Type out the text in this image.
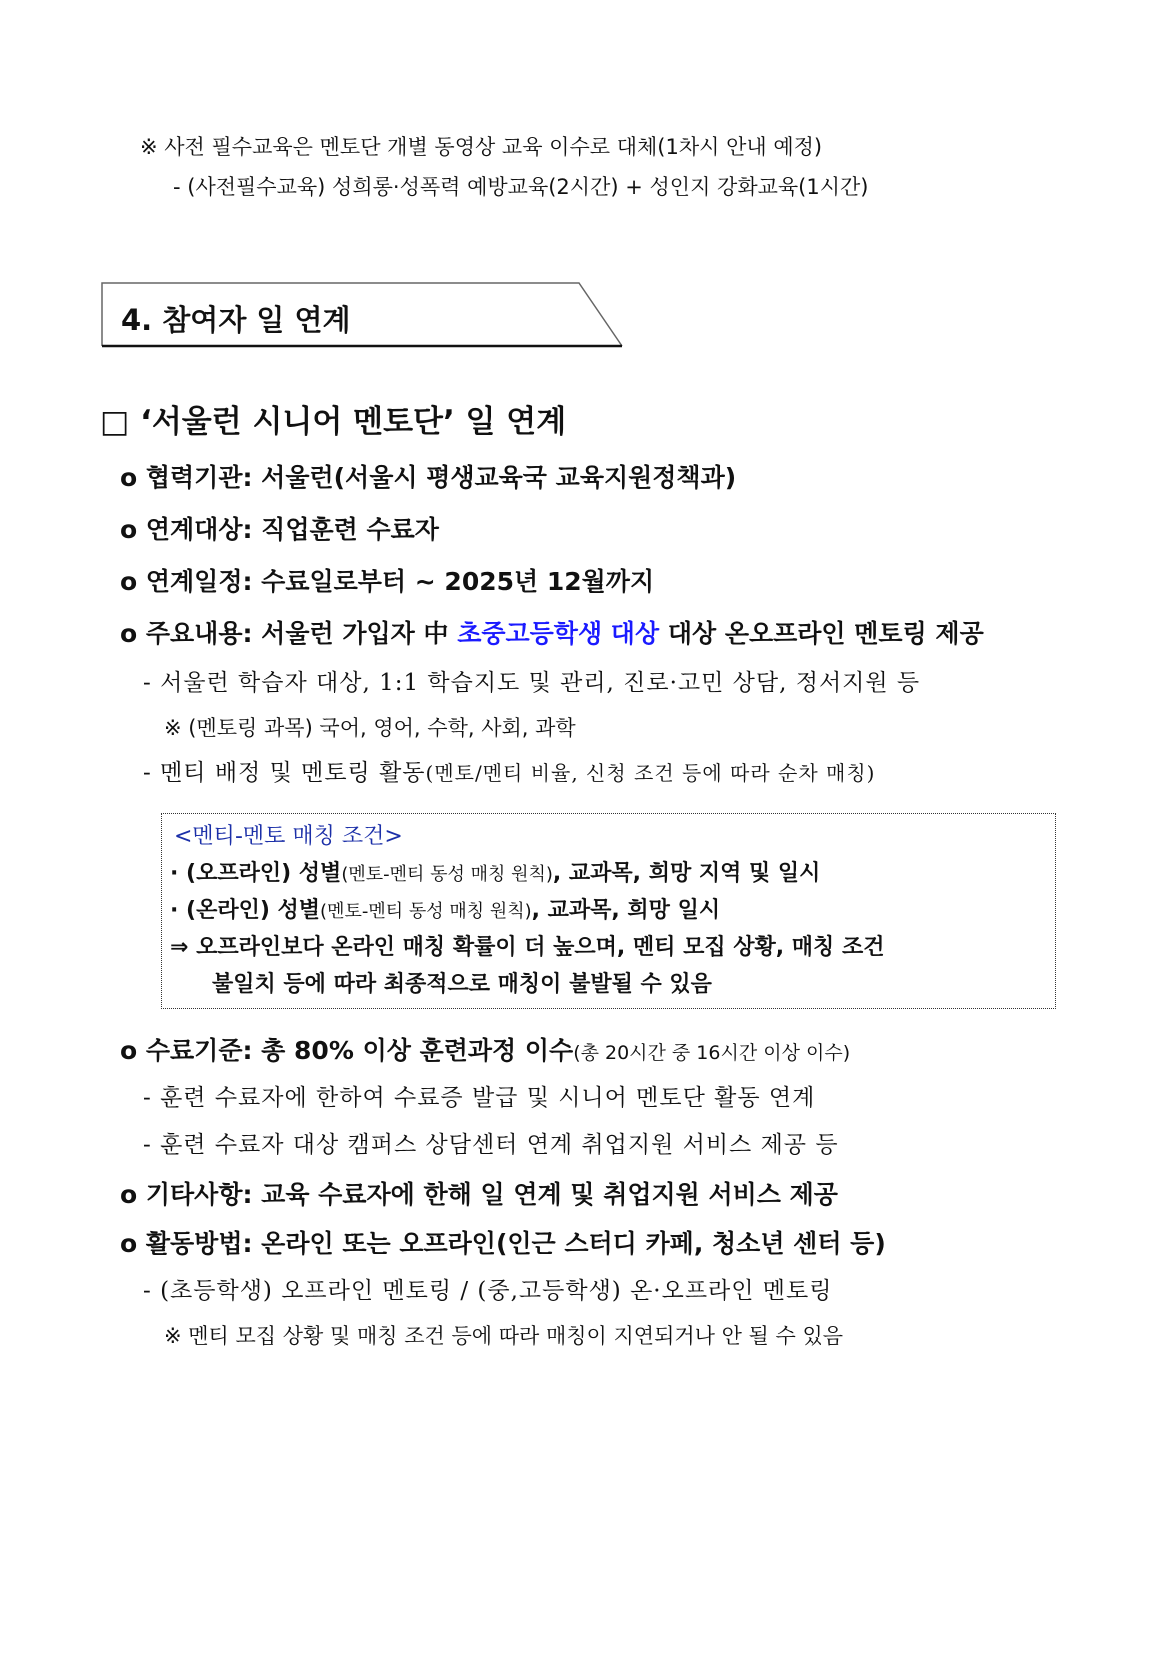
※ 사전 필수교육은 멘토단 개별 동영상 교육 이수로 대체(1차시 안내 예정)
- (사전필수교육) 성희롱·성폭력 예방교육(2시간) + 성인지 강화교육(1시간)
4. 참여자 일 연계
□ ‘서울런 시니어 멘토단’ 일 연계
o 협력기관: 서울런(서울시 평생교육국 교육지원정책과)
o 연계대상: 직업훈련 수료자
o 연계일정: 수료일로부터 ~ 2025년 12월까지
o 주요내용: 서울런 가입자 中 초중고등학생 대상 대상 온오프라인 멘토링 제공
- 서울런 학습자 대상, 1:1 학습지도 및 관리, 진로·고민 상담, 정서지원 등
※ (멘토링 과목) 국어, 영어, 수학, 사회, 과학
- 멘티 배정 및 멘토링 활동(멘토/멘티 비율, 신청 조건 등에 따라 순차 매칭)
<멘티-멘토 매칭 조건>
· (오프라인) 성별(멘토-멘티 동성 매칭 원칙), 교과목, 희망 지역 및 일시
· (온라인) 성별(멘토-멘티 동성 매칭 원칙), 교과목, 희망 일시
⇒ 오프라인보다 온라인 매칭 확률이 더 높으며, 멘티 모집 상황, 매칭 조건
불일치 등에 따라 최종적으로 매칭이 불발될 수 있음
o 수료기준: 총 80% 이상 훈련과정 이수(총 20시간 중 16시간 이상 이수)
- 훈련 수료자에 한하여 수료증 발급 및 시니어 멘토단 활동 연계
- 훈련 수료자 대상 캠퍼스 상담센터 연계 취업지원 서비스 제공 등
o 기타사항: 교육 수료자에 한해 일 연계 및 취업지원 서비스 제공
o 활동방법: 온라인 또는 오프라인(인근 스터디 카페, 청소년 센터 등)
- (초등학생) 오프라인 멘토링 / (중,고등학생) 온·오프라인 멘토링
※ 멘티 모집 상황 및 매칭 조건 등에 따라 매칭이 지연되거나 안 될 수 있음
